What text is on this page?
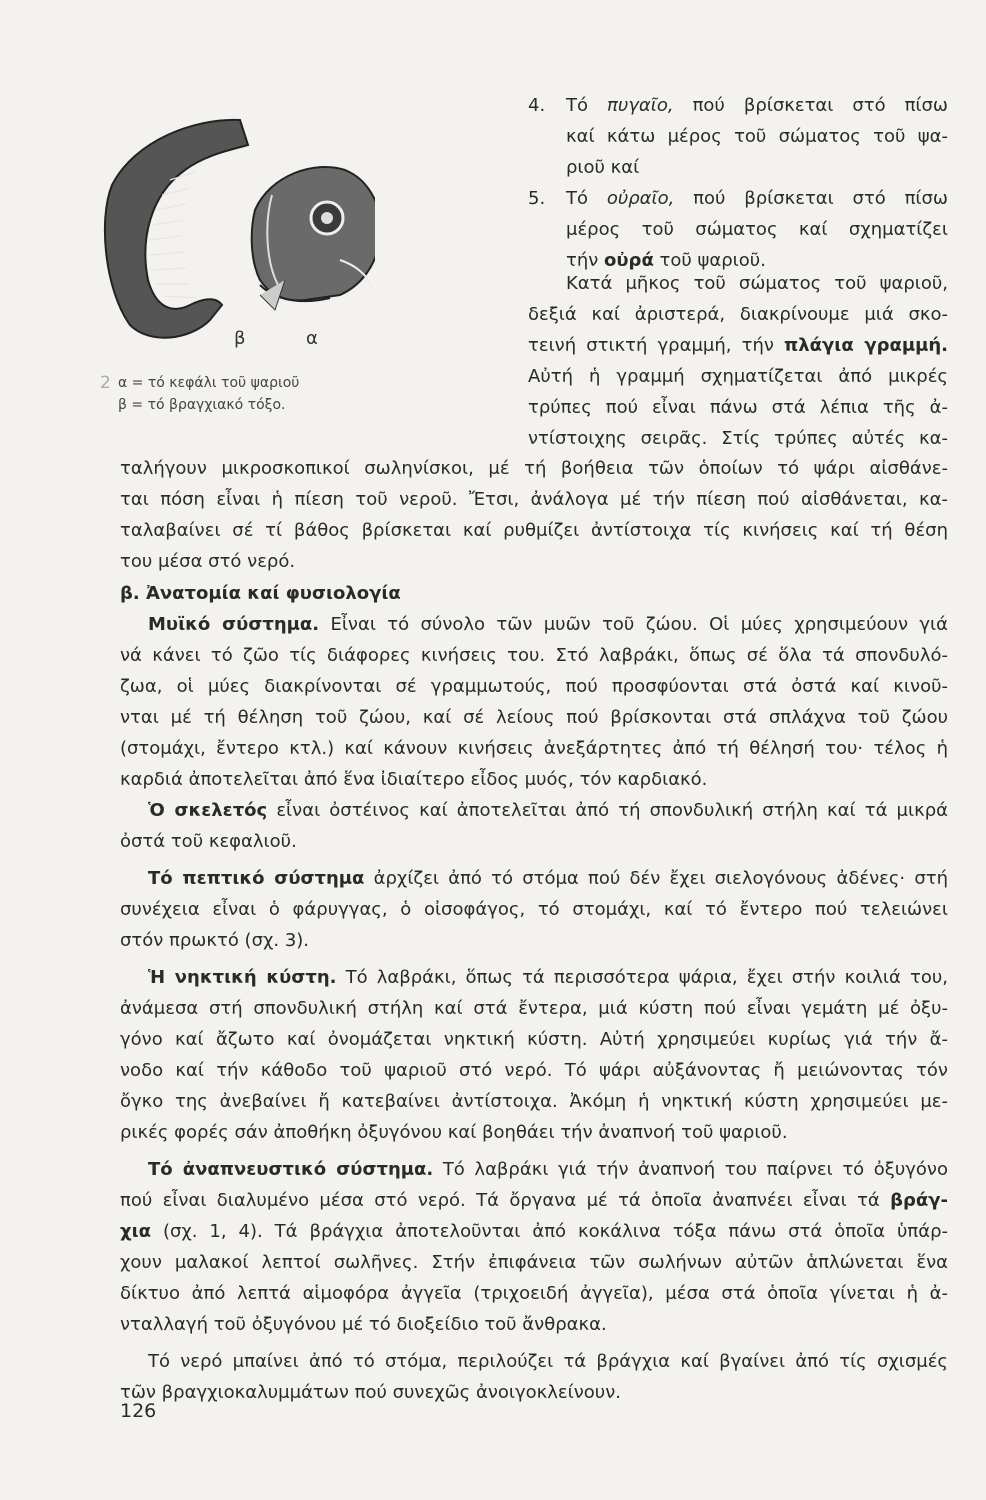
β	α
2 α = τό κεφάλι τοῦ ψαριοῦ
β = τό βραγχιακό τόξο.
4. Τό πυγαῖο, πού βρίσκεται στό πίσω
καί κάτω μέρος τοῦ σώματος τοῦ ψα-
ριοῦ καί
5. Τό οὐραῖο, πού βρίσκεται στό πίσω
μέρος τοῦ σώματος καί σχηματίζει
τήν οὐρά τοῦ ψαριοῦ.
Κατά μῆκος τοῦ σώματος τοῦ ψαριοῦ,
δεξιά καί ἀριστερά, διακρίνουμε μιά σκο-
τεινή στικτή γραμμή, τήν πλάγια γραμμή.
Αὐτή ἡ γραμμή σχηματίζεται ἀπό μικρές
τρύπες πού εἶναι πάνω στά λέπια τῆς ἀ-
ντίστοιχης σειρᾶς. Στίς τρύπες αὐτές κα-
ταλήγουν μικροσκοπικοί σωληνίσκοι, μέ τή βοήθεια τῶν ὁποίων τό ψάρι αἰσθάνε-
ται πόση εἶναι ἡ πίεση τοῦ νεροῦ. Ἔτσι, ἀνάλογα μέ τήν πίεση πού αἰσθάνεται, κα-
ταλαβαίνει σέ τί βάθος βρίσκεται καί ρυθμίζει ἀντίστοιχα τίς κινήσεις καί τή θέση
του μέσα στό νερό.

β. Ἀνατομία καί φυσιολογία

Μυϊκό σύστημα. Εἶναι τό σύνολο τῶν μυῶν τοῦ ζώου. Οἱ μύες χρησιμεύουν γιά
νά κάνει τό ζῶο τίς διάφορες κινήσεις του. Στό λαβράκι, ὅπως σέ ὅλα τά σπονδυλό-
ζωα, οἱ μύες διακρίνονται σέ γραμμωτούς, πού προσφύονται στά ὀστά καί κινοῦ-
νται μέ τή θέληση τοῦ ζώου, καί σέ λείους πού βρίσκονται στά σπλάχνα τοῦ ζώου
(στομάχι, ἔντερο κτλ.) καί κάνουν κινήσεις ἀνεξάρτητες ἀπό τή θέλησή του· τέλος ἡ
καρδιά ἀποτελεῖται ἀπό ἕνα ἰδιαίτερο εἶδος μυός, τόν καρδιακό.

Ὁ σκελετός εἶναι ὀστέινος καί ἀποτελεῖται ἀπό τή σπονδυλική στήλη καί τά μικρά
ὀστά τοῦ κεφαλιοῦ.

Τό πεπτικό σύστημα ἀρχίζει ἀπό τό στόμα πού δέν ἔχει σιελογόνους ἀδένες· στή
συνέχεια εἶναι ὁ φάρυγγας, ὁ οἰσοφάγος, τό στομάχι, καί τό ἔντερο πού τελειώνει
στόν πρωκτό (σχ. 3).

Ἡ νηκτική κύστη. Τό λαβράκι, ὅπως τά περισσότερα ψάρια, ἔχει στήν κοιλιά του,
ἀνάμεσα στή σπονδυλική στήλη καί στά ἔντερα, μιά κύστη πού εἶναι γεμάτη μέ ὀξυ-
γόνο καί ἄζωτο καί ὀνομάζεται νηκτική κύστη. Αὐτή χρησιμεύει κυρίως γιά τήν ἄ-
νοδο καί τήν κάθοδο τοῦ ψαριοῦ στό νερό. Τό ψάρι αὐξάνοντας ἤ μειώνοντας τόν
ὄγκο της ἀνεβαίνει ἤ κατεβαίνει ἀντίστοιχα. Ἀκόμη ἡ νηκτική κύστη χρησιμεύει με-
ρικές φορές σάν ἀποθήκη ὀξυγόνου καί βοηθάει τήν ἀναπνοή τοῦ ψαριοῦ.

Τό ἀναπνευστικό σύστημα. Τό λαβράκι γιά τήν ἀναπνοή του παίρνει τό ὀξυγόνο
πού εἶναι διαλυμένο μέσα στό νερό. Τά ὄργανα μέ τά ὁποῖα ἀναπνέει εἶναι τά βράγ-
χια (σχ. 1, 4). Τά βράγχια ἀποτελοῦνται ἀπό κοκάλινα τόξα πάνω στά ὁποῖα ὑπάρ-
χουν μαλακοί λεπτοί σωλῆνες. Στήν ἐπιφάνεια τῶν σωλήνων αὐτῶν ἁπλώνεται ἕνα
δίκτυο ἀπό λεπτά αἱμοφόρα ἀγγεῖα (τριχοειδή ἀγγεῖα), μέσα στά ὁποῖα γίνεται ἡ ἀ-
νταλλαγή τοῦ ὀξυγόνου μέ τό διοξείδιο τοῦ ἄνθρακα.

Τό νερό μπαίνει ἀπό τό στόμα, περιλούζει τά βράγχια καί βγαίνει ἀπό τίς σχισμές
τῶν βραγχιοκαλυμμάτων πού συνεχῶς ἀνοιγοκλείνουν.

126
